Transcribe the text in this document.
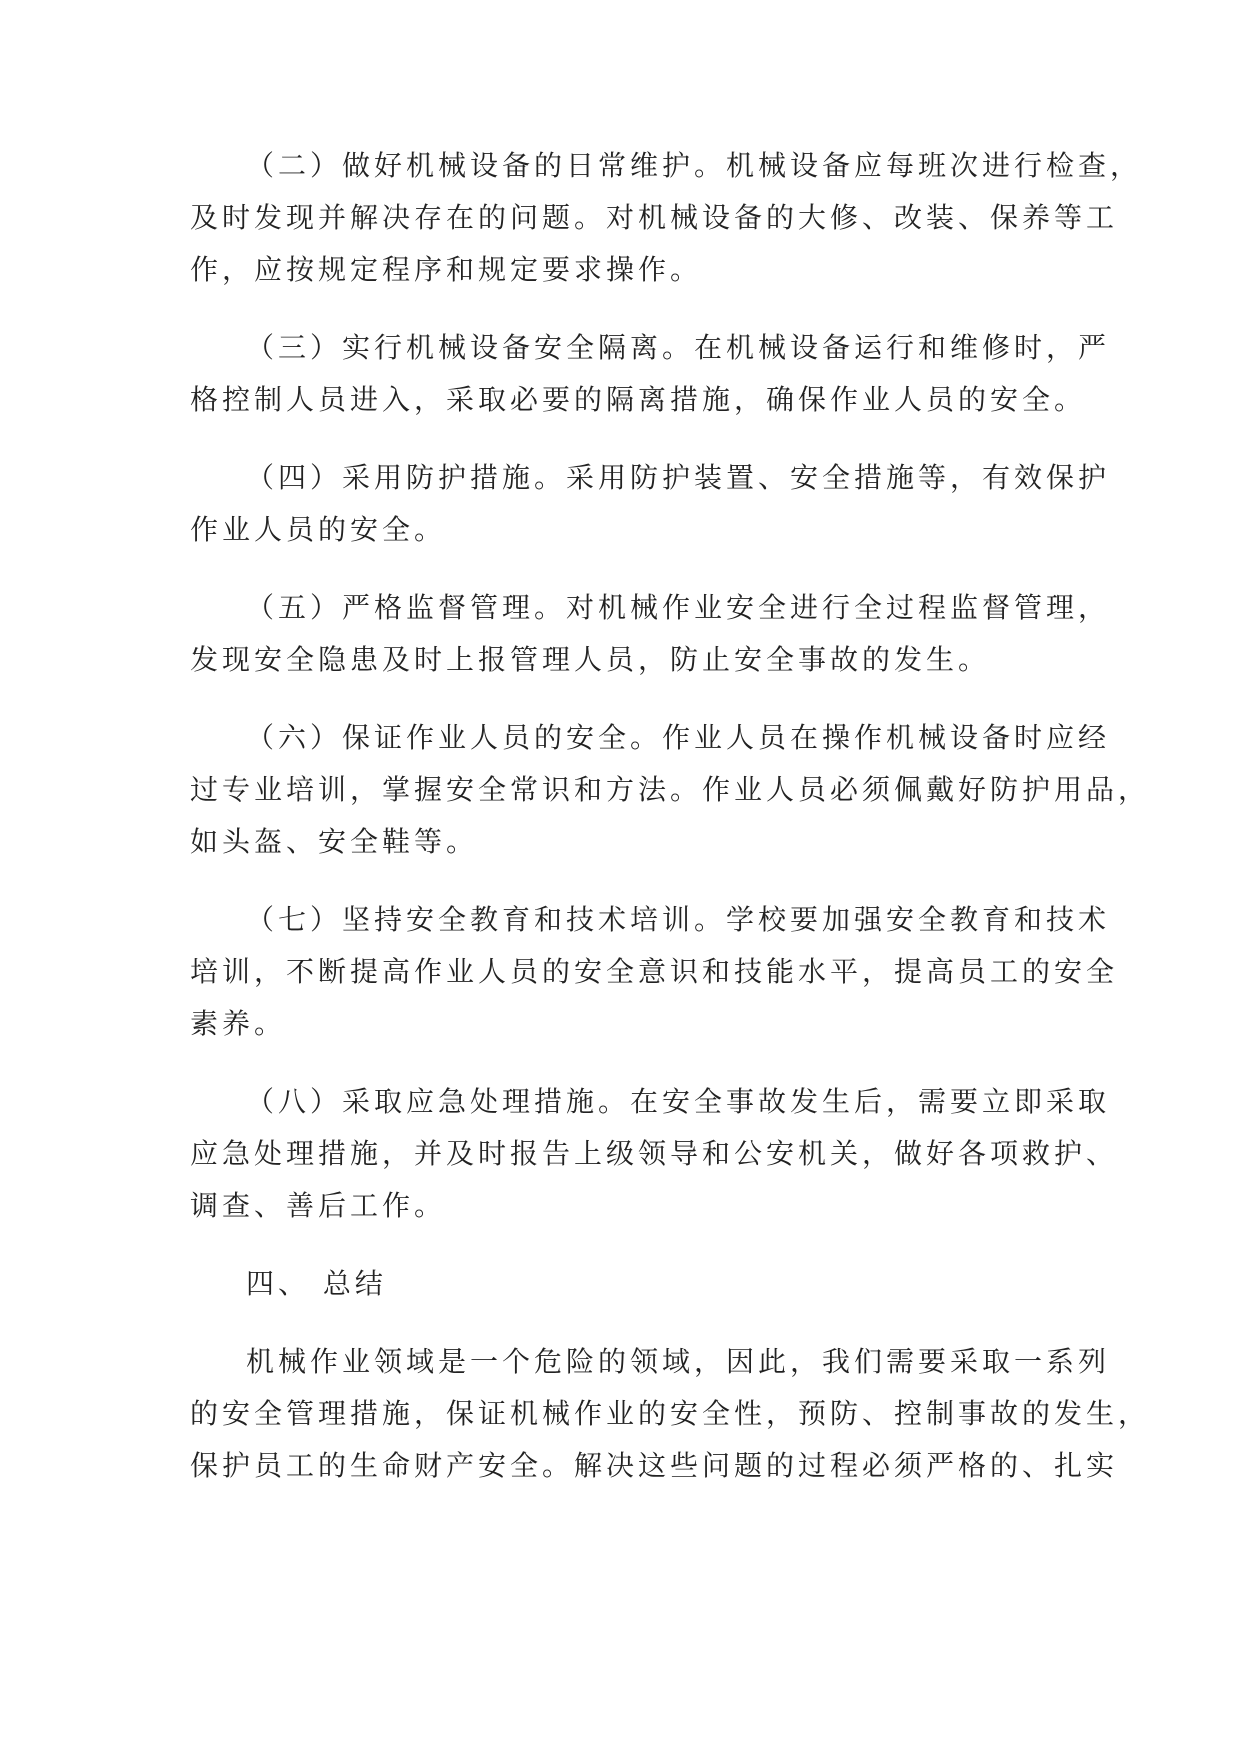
（二）做好机械设备的日常维护。机械设备应每班次进行检查，
及时发现并解决存在的问题。对机械设备的大修、改装、保养等工
作，应按规定程序和规定要求操作。

（三）实行机械设备安全隔离。在机械设备运行和维修时，严
格控制人员进入，采取必要的隔离措施，确保作业人员的安全。

（四）采用防护措施。采用防护装置、安全措施等，有效保护
作业人员的安全。

（五）严格监督管理。对机械作业安全进行全过程监督管理，
发现安全隐患及时上报管理人员，防止安全事故的发生。

（六）保证作业人员的安全。作业人员在操作机械设备时应经
过专业培训，掌握安全常识和方法。作业人员必须佩戴好防护用品，
如头盔、安全鞋等。

（七）坚持安全教育和技术培训。学校要加强安全教育和技术
培训，不断提高作业人员的安全意识和技能水平，提高员工的安全
素养。

（八）采取应急处理措施。在安全事故发生后，需要立即采取
应急处理措施，并及时报告上级领导和公安机关，做好各项救护、
调查、善后工作。

四、 总结

机械作业领域是一个危险的领域，因此，我们需要采取一系列
的安全管理措施，保证机械作业的安全性，预防、控制事故的发生，
保护员工的生命财产安全。解决这些问题的过程必须严格的、扎实
